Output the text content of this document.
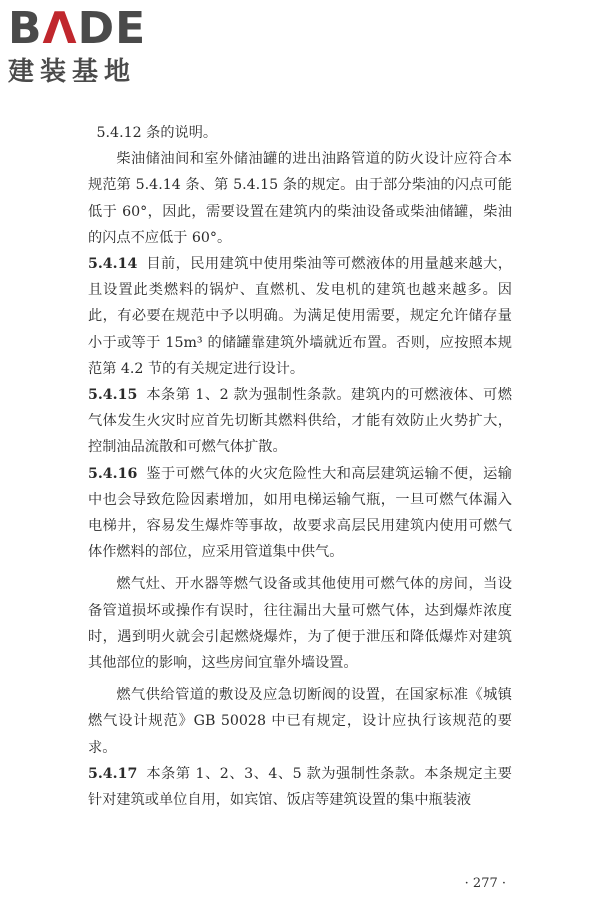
BΛDE
建装基地

5.4.12 条的说明。

柴油储油间和室外储油罐的进出油路管道的防火设计应符合本规范第 5.4.14 条、第 5.4.15 条的规定。由于部分柴油的闪点可能低于 60°，因此，需要设置在建筑内的柴油设备或柴油储罐，柴油的闪点不应低于 60°。

5.4.14 目前，民用建筑中使用柴油等可燃液体的用量越来越大，且设置此类燃料的锅炉、直燃机、发电机的建筑也越来越多。因此，有必要在规范中予以明确。为满足使用需要，规定允许储存量小于或等于 15m³ 的储罐靠建筑外墙就近布置。否则，应按照本规范第 4.2 节的有关规定进行设计。

5.4.15 本条第 1、2 款为强制性条款。建筑内的可燃液体、可燃气体发生火灾时应首先切断其燃料供给，才能有效防止火势扩大，控制油品流散和可燃气体扩散。

5.4.16 鉴于可燃气体的火灾危险性大和高层建筑运输不便，运输中也会导致危险因素增加，如用电梯运输气瓶，一旦可燃气体漏入电梯井，容易发生爆炸等事故，故要求高层民用建筑内使用可燃气体作燃料的部位，应采用管道集中供气。

燃气灶、开水器等燃气设备或其他使用可燃气体的房间，当设备管道损坏或操作有误时，往往漏出大量可燃气体，达到爆炸浓度时，遇到明火就会引起燃烧爆炸，为了便于泄压和降低爆炸对建筑其他部位的影响，这些房间宜靠外墙设置。

燃气供给管道的敷设及应急切断阀的设置，在国家标准《城镇燃气设计规范》GB 50028 中已有规定，设计应执行该规范的要求。

5.4.17 本条第 1、2、3、4、5 款为强制性条款。本条规定主要针对建筑或单位自用，如宾馆、饭店等建筑设置的集中瓶装液

· 277 ·
